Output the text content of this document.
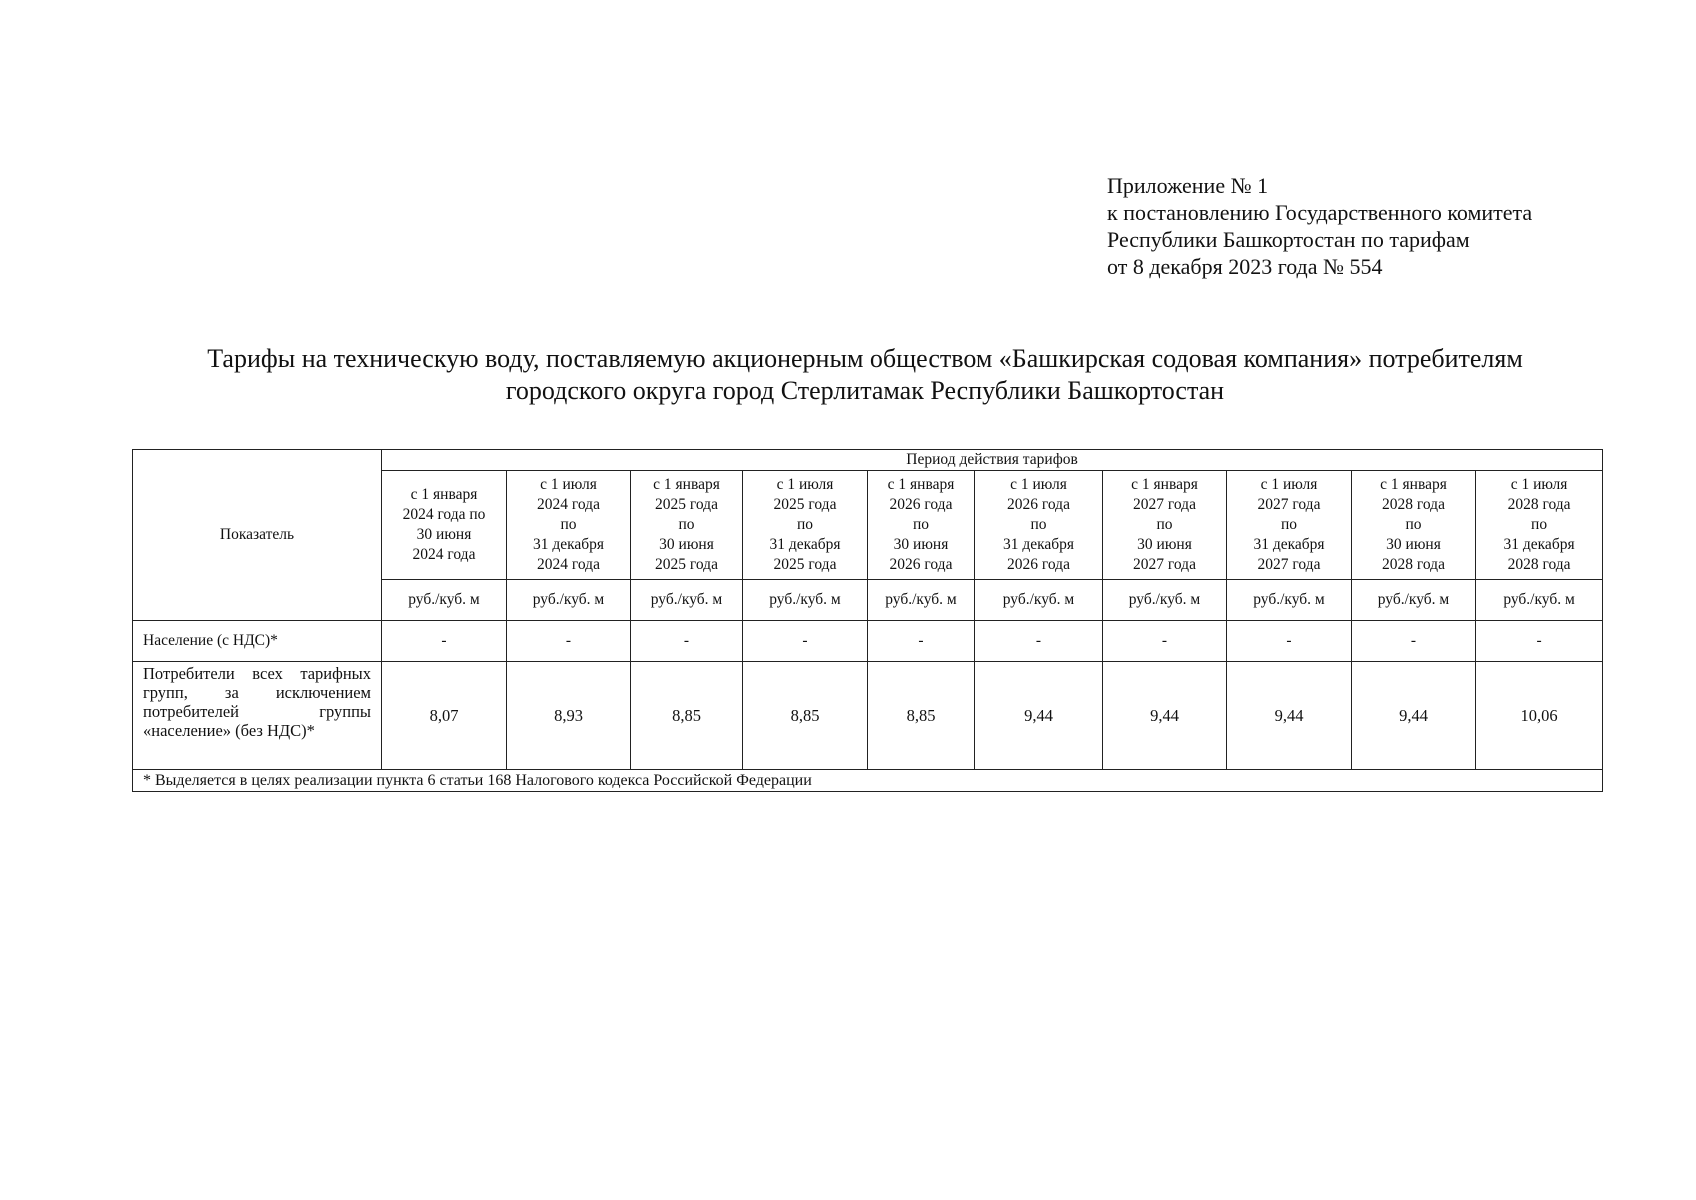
Приложение № 1
к постановлению Государственного комитета
Республики Башкортостан по тарифам
от 8 декабря 2023 года № 554
Тарифы на техническую воду, поставляемую акционерным обществом «Башкирская содовая компания» потребителям
городского округа город Стерлитамак Республики Башкортостан
Показатель	Период действия тарифов									

	с 1 января
2024 года по
30 июня
2024 года	с 1 июля
2024 года
по
31 декабря
2024 года	с 1 января
2025 года
по
30 июня
2025 года	с 1 июля
2025 года
по
31 декабря
2025 года	с 1 января
2026 года
по
30 июня
2026 года	с 1 июля
2026 года
по
31 декабря
2026 года	с 1 января
2027 года
по
30 июня
2027 года	с 1 июля
2027 года
по
31 декабря
2027 года	с 1 января
2028 года
по
30 июня
2028 года	с 1 июля
2028 года
по
31 декабря
2028 года

	руб./куб. м	руб./куб. м	руб./куб. м	руб./куб. м	руб./куб. м	руб./куб. м	руб./куб. м	руб./куб. м	руб./куб. м	руб./куб. м
Население (с НДС)*	-	-	-	-	-	-	-	-	-	-
Потребители всех тарифных групп, за исключением потребителей группы «население» (без НДС)*	8,07	8,93	8,85	8,85	8,85	9,44	9,44	9,44	9,44	10,06
* Выделяется в целях реализации пункта 6 статьи 168 Налогового кодекса Российской Федерации										
